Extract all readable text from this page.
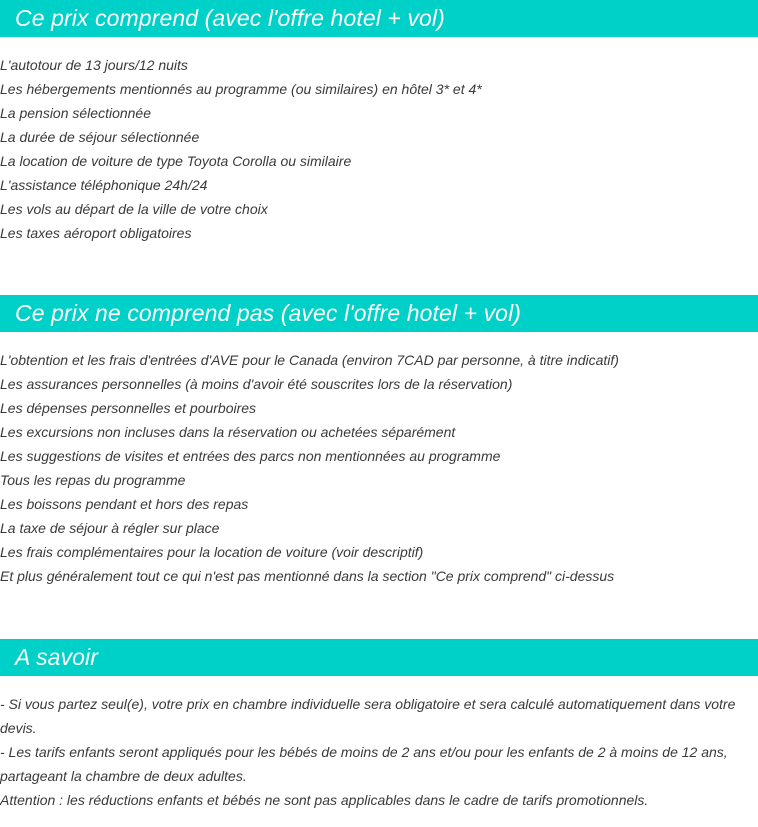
Ce prix comprend (avec l'offre hotel + vol)

L'autotour de 13 jours/12 nuits

Les hébergements mentionnés au programme (ou similaires) en hôtel 3* et 4*

La pension sélectionnée

La durée de séjour sélectionnée

La location de voiture de type Toyota Corolla ou similaire

L'assistance téléphonique 24h/24

Les vols au départ de la ville de votre choix

Les taxes aéroport obligatoires

Ce prix ne comprend pas (avec l'offre hotel + vol)

L'obtention et les frais d'entrées d'AVE pour le Canada (environ 7CAD par personne, à titre indicatif)

Les assurances personnelles (à moins d'avoir été souscrites lors de la réservation)

Les dépenses personnelles et pourboires

Les excursions non incluses dans la réservation ou achetées séparément

Les suggestions de visites et entrées des parcs non mentionnées au programme

Tous les repas du programme

Les boissons pendant et hors des repas

La taxe de séjour à régler sur place

Les frais complémentaires pour la location de voiture (voir descriptif)

Et plus généralement tout ce qui n'est pas mentionné dans la section "Ce prix comprend" ci-dessus

A savoir

- Si vous partez seul(e), votre prix en chambre individuelle sera obligatoire et sera calculé automatiquement dans votre devis.

- Les tarifs enfants seront appliqués pour les bébés de moins de 2 ans et/ou pour les enfants de 2 à moins de 12 ans, partageant la chambre de deux adultes.

Attention : les réductions enfants et bébés ne sont pas applicables dans le cadre de tarifs promotionnels.
